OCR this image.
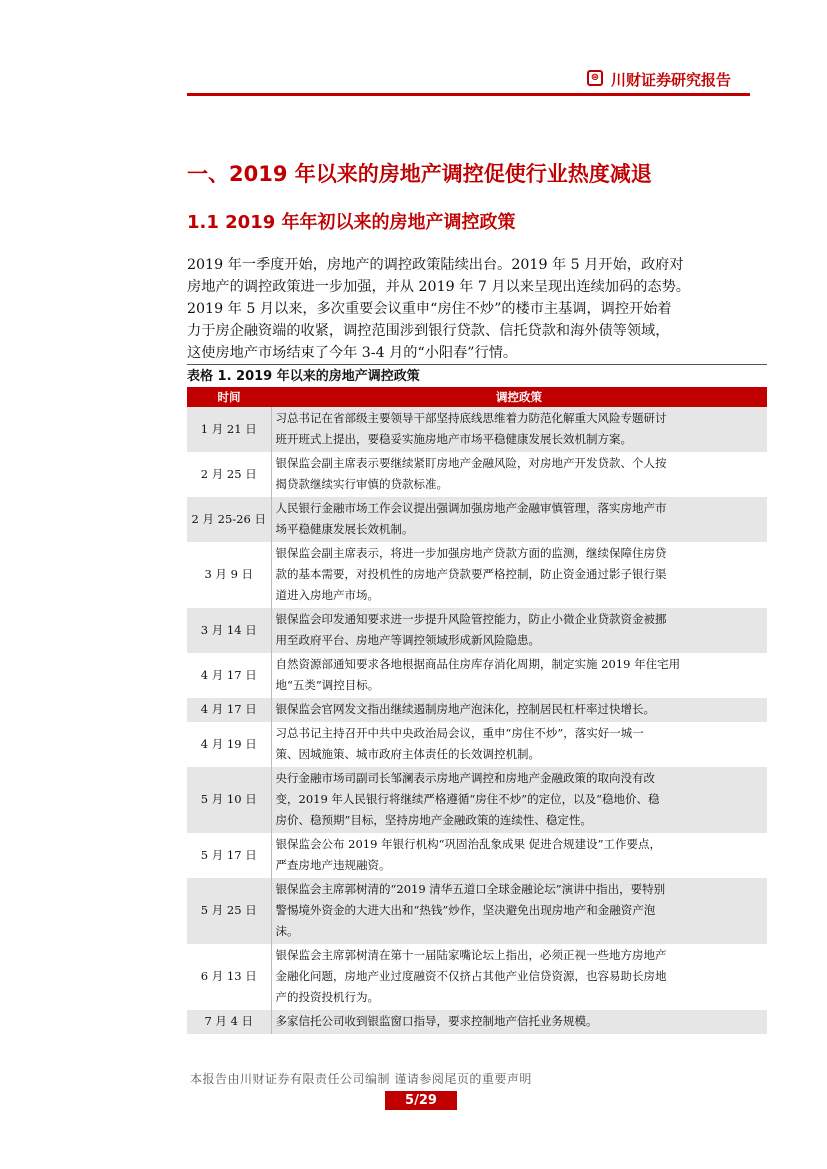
⊜ 川财证券研究报告
一、2019 年以来的房地产调控促使行业热度减退
1.1 2019 年年初以来的房地产调控政策
2019 年一季度开始，房地产的调控政策陆续出台。2019 年 5 月开始，政府对
房地产的调控政策进一步加强，并从 2019 年 7 月以来呈现出连续加码的态势。
2019 年 5 月以来，多次重要会议重申“房住不炒”的楼市主基调，调控开始着
力于房企融资端的收紧，调控范围涉到银行贷款、信托贷款和海外债等领域，
这使房地产市场结束了今年 3-4 月的“小阳春”行情。
表格 1. 2019 年以来的房地产调控政策
时间	调控政策
1 月 21 日	习总书记在省部级主要领导干部坚持底线思维着力防范化解重大风险专题研讨
班开班式上提出，要稳妥实施房地产市场平稳健康发展长效机制方案。

2 月 25 日	银保监会副主席表示要继续紧盯房地产金融风险，对房地产开发贷款、个人按
揭贷款继续实行审慎的贷款标准。

2 月 25-26 日	人民银行金融市场工作会议提出强调加强房地产金融审慎管理，落实房地产市
场平稳健康发展长效机制。

3 月 9 日	银保监会副主席表示，将进一步加强房地产贷款方面的监测，继续保障住房贷
款的基本需要，对投机性的房地产贷款要严格控制，防止资金通过影子银行渠
道进入房地产市场。

3 月 14 日	银保监会印发通知要求进一步提升风险管控能力，防止小微企业贷款资金被挪
用至政府平台、房地产等调控领域形成新风险隐患。

4 月 17 日	自然资源部通知要求各地根据商品住房库存消化周期，制定实施 2019 年住宅用
地“五类”调控目标。

4 月 17 日	银保监会官网发文指出继续遏制房地产泡沫化，控制居民杠杆率过快增长。

4 月 19 日	习总书记主持召开中共中央政治局会议，重申“房住不炒”，落实好一城一
策、因城施策、城市政府主体责任的长效调控机制。

5 月 10 日	央行金融市场司副司长邹澜表示房地产调控和房地产金融政策的取向没有改
变，2019 年人民银行将继续严格遵循“房住不炒”的定位，以及“稳地价、稳
房价、稳预期”目标，坚持房地产金融政策的连续性、稳定性。

5 月 17 日	银保监会公布 2019 年银行机构“巩固治乱象成果 促进合规建设”工作要点，
严查房地产违规融资。

5 月 25 日	银保监会主席郭树清的“2019 清华五道口全球金融论坛”演讲中指出，要特别
警惕境外资金的大进大出和“热钱”炒作，坚决避免出现房地产和金融资产泡
沫。

6 月 13 日	银保监会主席郭树清在第十一届陆家嘴论坛上指出，必须正视一些地方房地产
金融化问题，房地产业过度融资不仅挤占其他产业信贷资源，也容易助长房地
产的投资投机行为。

7 月 4 日	多家信托公司收到银监窗口指导，要求控制地产信托业务规模。
本报告由川财证券有限责任公司编制 谨请参阅尾页的重要声明
5/29
